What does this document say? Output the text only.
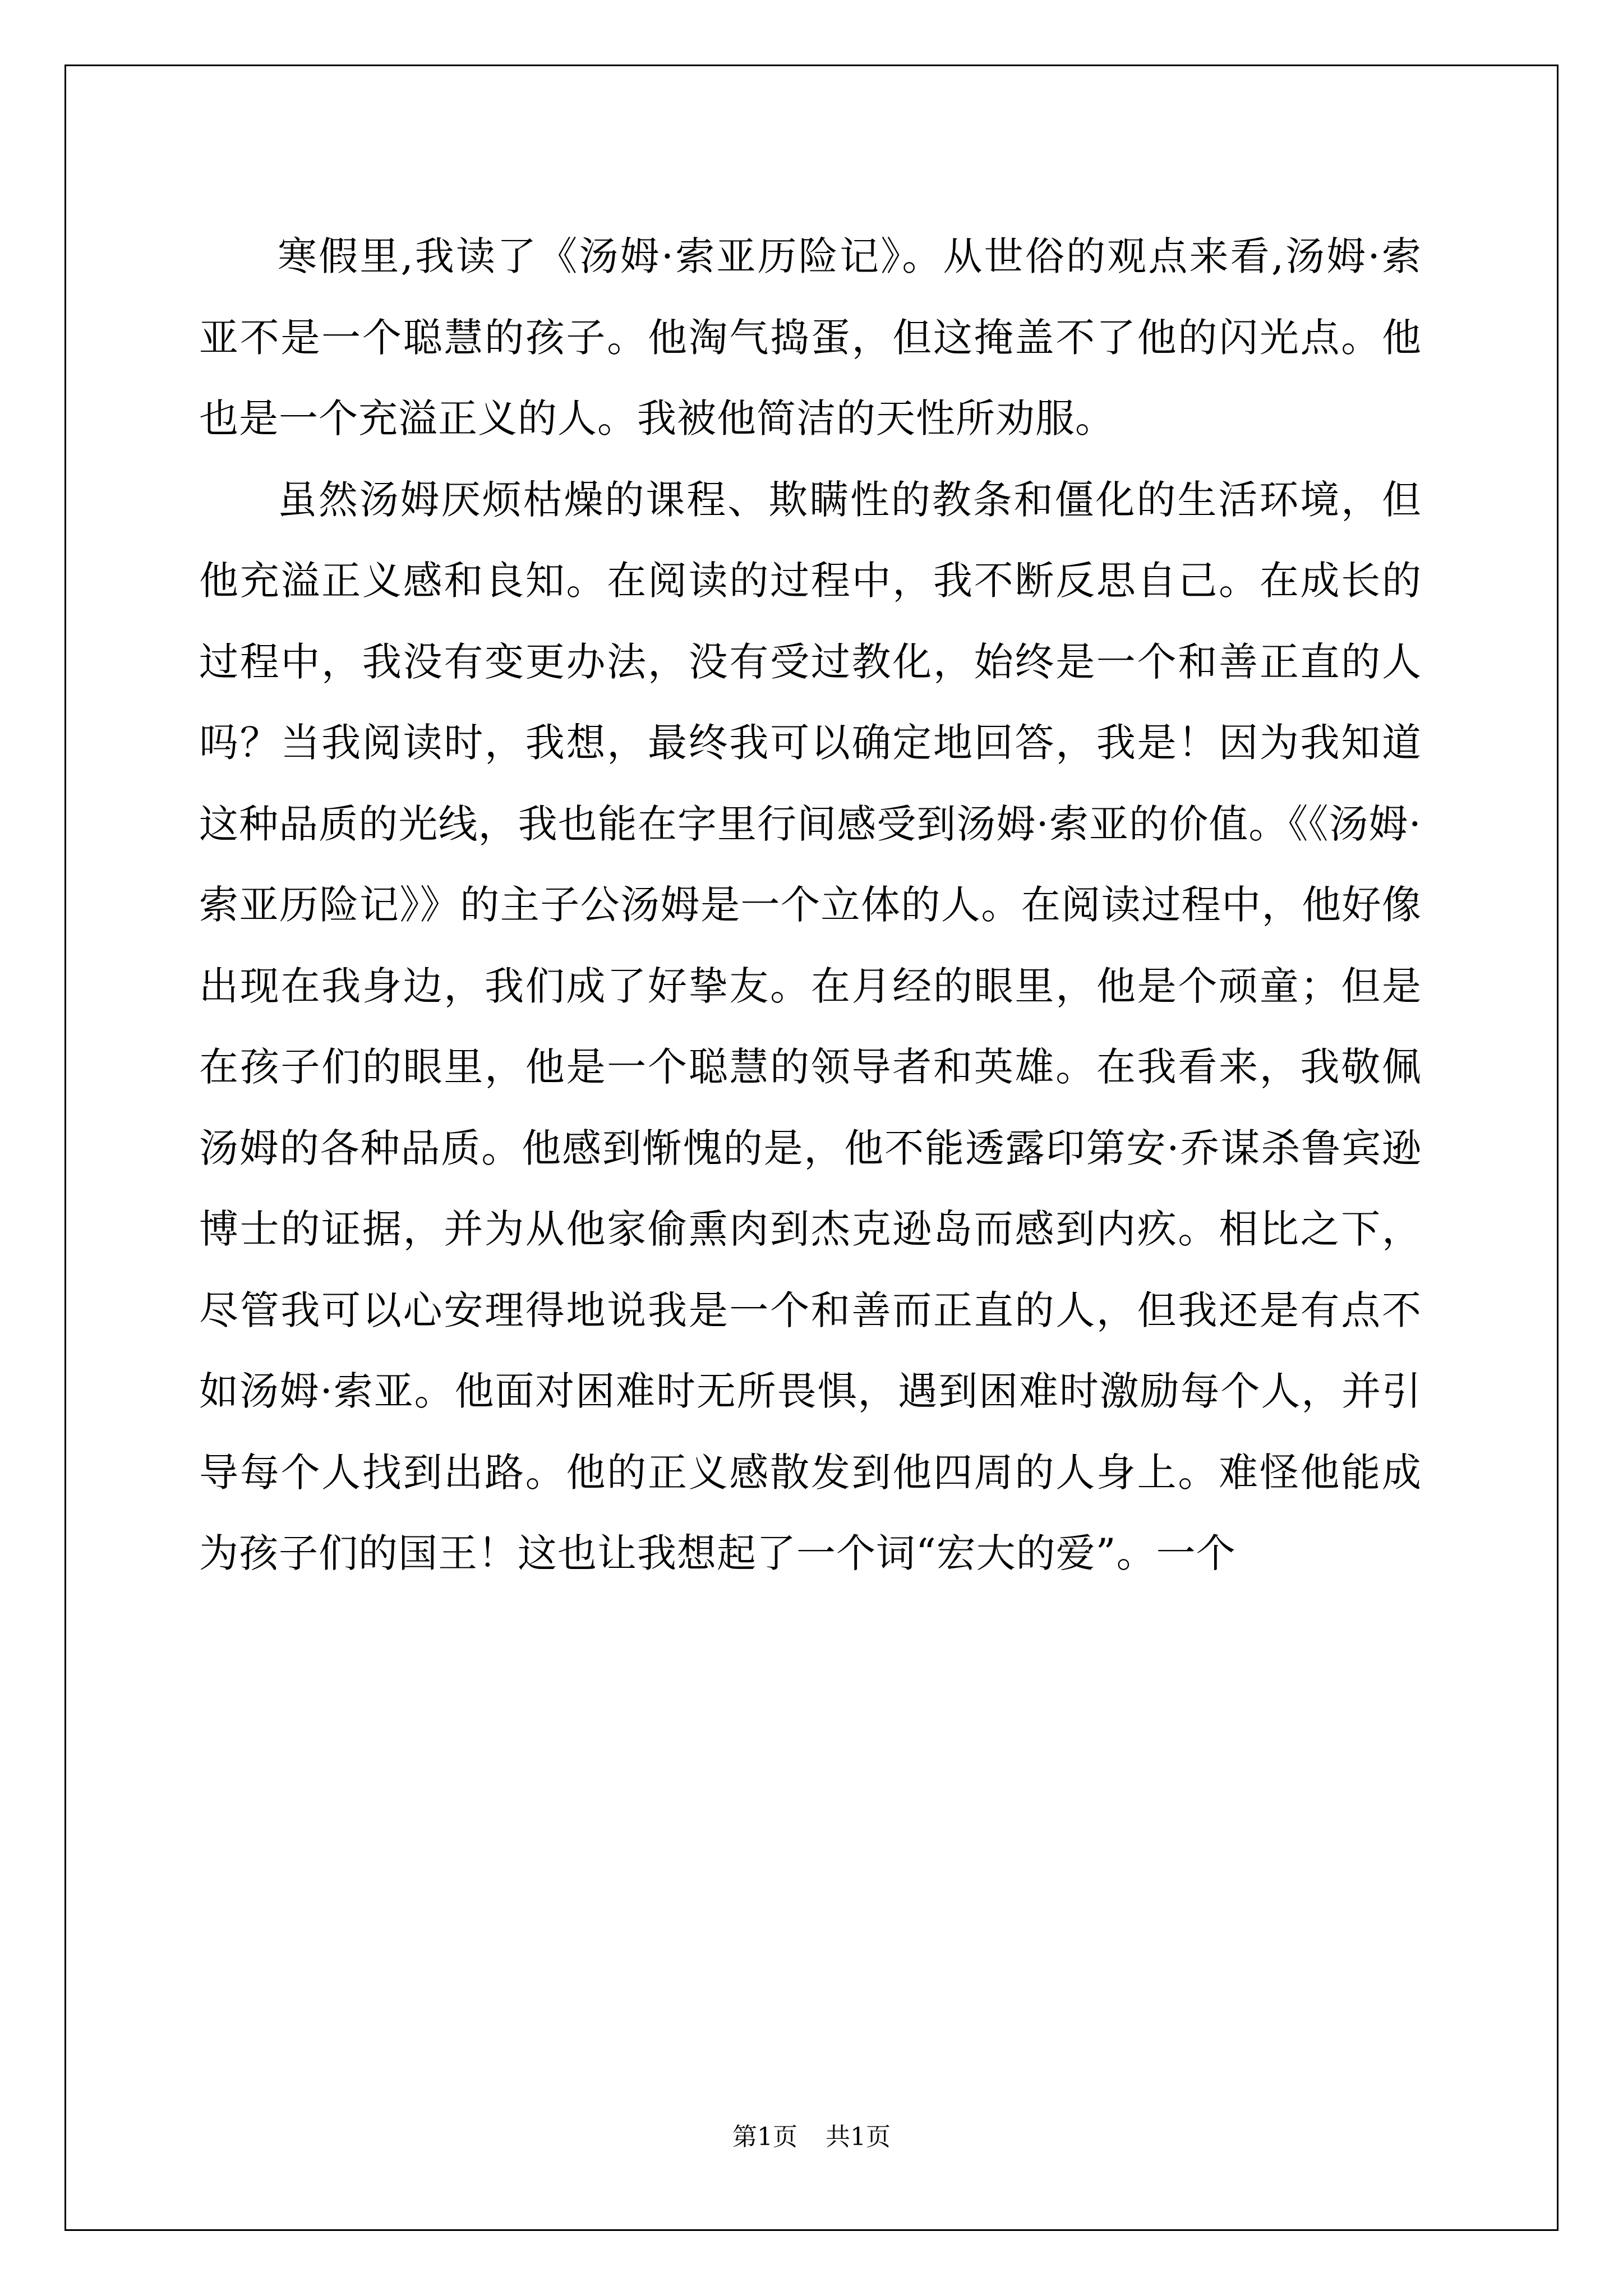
寒假里,我读了《汤姆·索亚历险记》。从世俗的观点来看,汤姆·索亚不是一个聪慧的孩子。他淘气捣蛋，但这掩盖不了他的闪光点。他也是一个充溢正义的人。我被他简洁的天性所劝服。

虽然汤姆厌烦枯燥的课程、欺瞒性的教条和僵化的生活环境，但他充溢正义感和良知。在阅读的过程中，我不断反思自己。在成长的过程中，我没有变更办法，没有受过教化，始终是一个和善正直的人吗？当我阅读时，我想，最终我可以确定地回答，我是！因为我知道这种品质的光线，我也能在字里行间感受到汤姆·索亚的价值。《《汤姆·索亚历险记》》的主子公汤姆是一个立体的人。在阅读过程中，他好像出现在我身边，我们成了好挚友。在月经的眼里，他是个顽童；但是在孩子们的眼里，他是一个聪慧的领导者和英雄。在我看来，我敬佩汤姆的各种品质。他感到惭愧的是，他不能透露印第安·乔谋杀鲁宾逊博士的证据，并为从他家偷熏肉到杰克逊岛而感到内疚。相比之下，尽管我可以心安理得地说我是一个和善而正直的人，但我还是有点不如汤姆·索亚。他面对困难时无所畏惧，遇到困难时激励每个人，并引导每个人找到出路。他的正义感散发到他四周的人身上。难怪他能成为孩子们的国王！这也让我想起了一个词“宏大的爱”。一个

第1页 共1页
